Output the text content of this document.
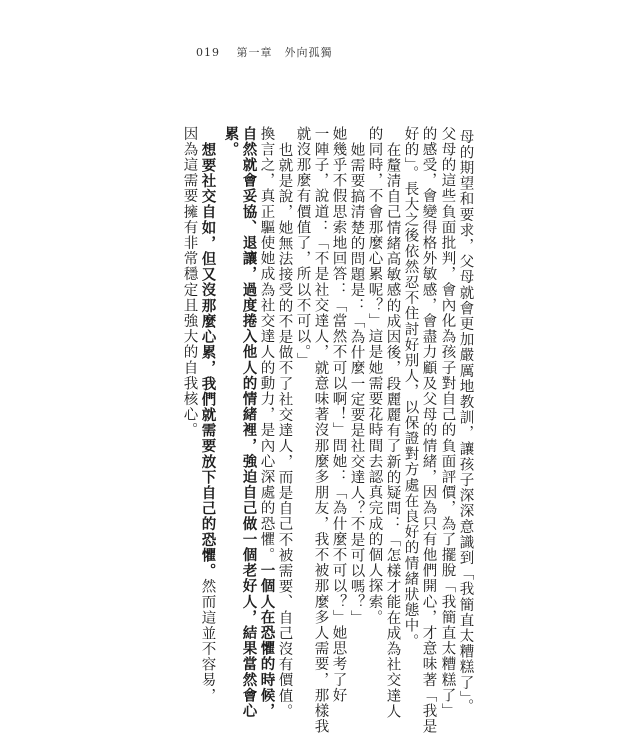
019 第一章　外向孤獨
母的期望和要求，父母就會更加嚴厲地教訓，讓孩子深深意識到「我簡直太糟糕了」。
父母的這些負面批判，會內化為孩子對自己的負面評價，為了擺脫「我簡直太糟糕了」
的感受，會變得格外敏感，會盡力顧及父母的情緒，因為只有他們開心，才意味著「我是
好的」。長大之後依然忍不住討好別人，以保證對方處在良好的情緒狀態中。
在釐清自己情緒高敏感的成因後，段麗麗有了新的疑問：「怎樣才能在成為社交達人
的同時，不會那麼心累呢？」這是她需要花時間去認真完成的個人探索。
她需要搞清楚的問題是：「為什麼一定要是社交達人？不是可以嗎？」
她幾乎不假思索地回答：「當然不可以啊！」問她：「為什麼不可以？」她思考了好
一陣子，說道：「不是社交達人，就意味著沒那麼多朋友，我不被那麼多人需要，那樣我
就沒那麼有價值了，所以不可以。」
也就是說，她無法接受的不是做不了社交達人，而是自己不被需要、自己沒有價值。
換言之，真正驅使她成為社交達人的動力，是內心深處的恐懼。一個人在恐懼的時候，
自然就會妥協、退讓，過度捲入他人的情緒裡，強迫自己做一個老好人，結果當然會心
累。
想要社交自如，但又沒那麼心累，我們就需要放下自己的恐懼。然而這並不容易，
因為這需要擁有非常穩定且強大的自我核心。
